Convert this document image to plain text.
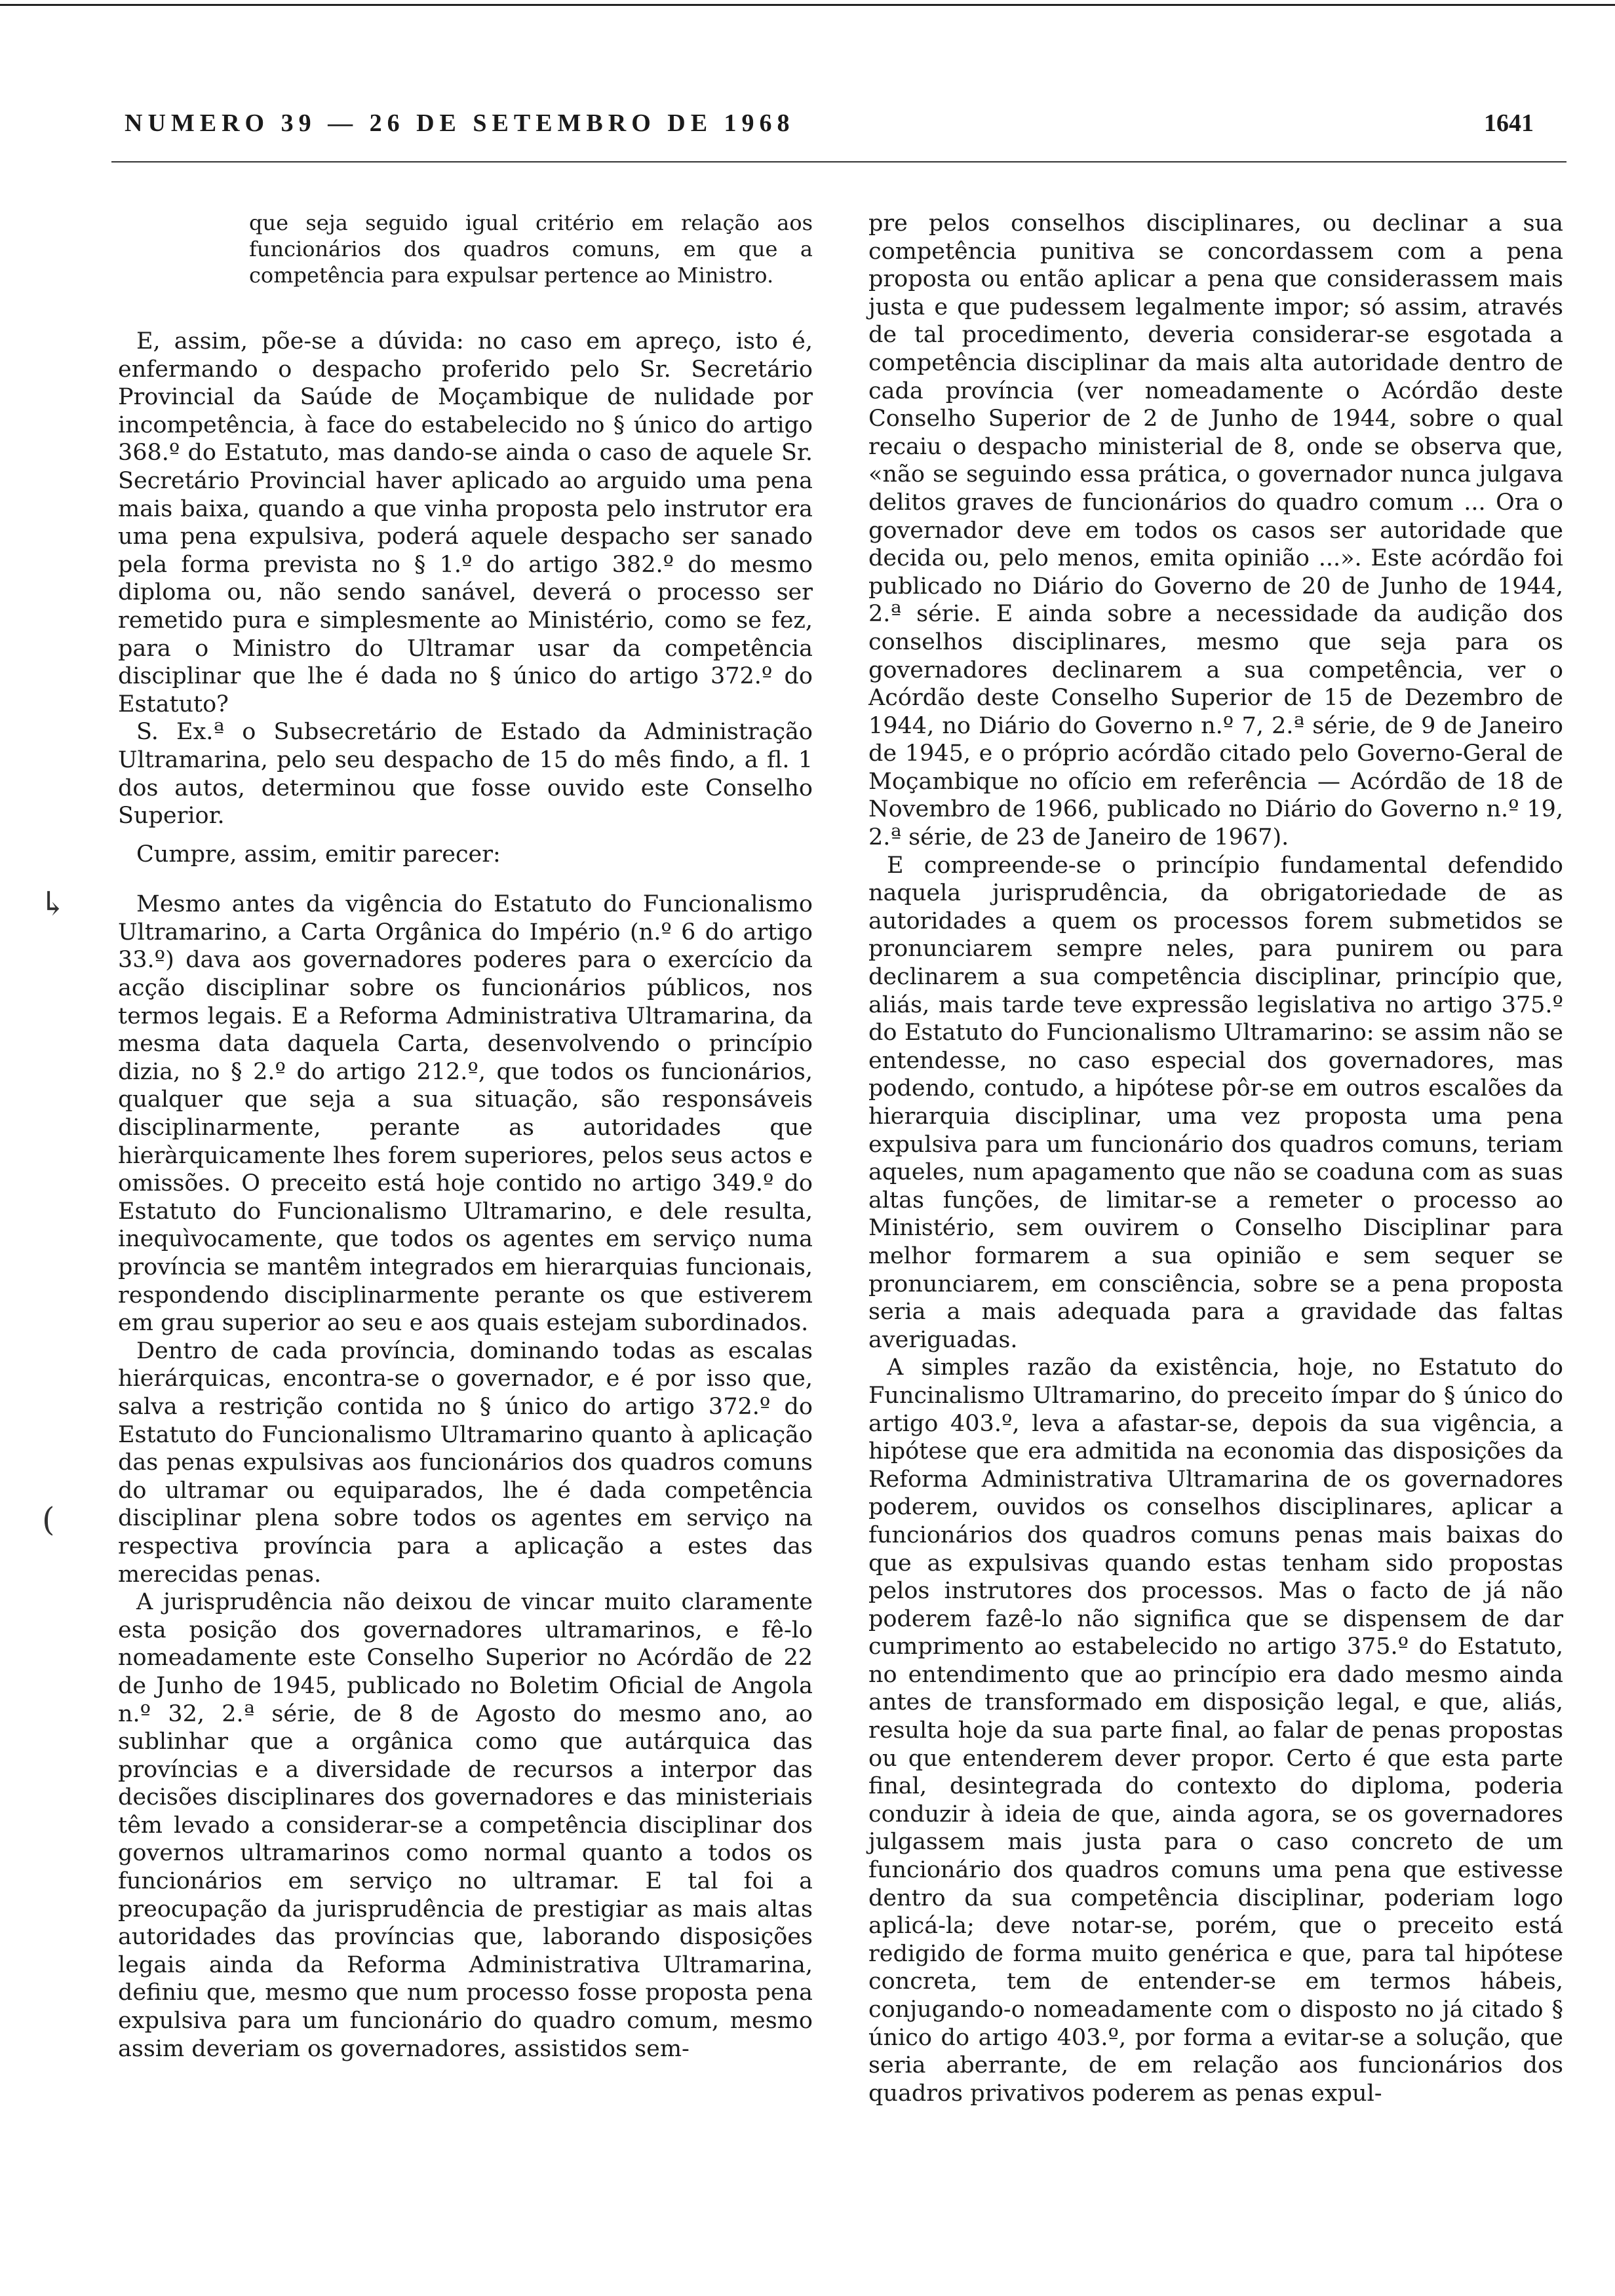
NUMERO 39 — 26 DE SETEMBRO DE 1968	1641
↳
(

que seja seguido igual critério em relação aos funcionários dos quadros comuns, em que a competência para expulsar pertence ao Ministro.

E, assim, põe-se a dúvida: no caso em apreço, isto é, enfermando o despacho proferido pelo Sr. Secretário Provincial da Saúde de Moçambique de nulidade por incompetência, à face do estabelecido no § único do artigo 368.º do Estatuto, mas dando-se ainda o caso de aquele Sr. Secretário Provincial haver aplicado ao arguido uma pena mais baixa, quando a que vinha proposta pelo instrutor era uma pena expulsiva, poderá aquele despacho ser sanado pela forma prevista no § 1.º do artigo 382.º do mesmo diploma ou, não sendo sanável, deverá o processo ser remetido pura e simplesmente ao Ministério, como se fez, para o Ministro do Ultramar usar da competência disciplinar que lhe é dada no § único do artigo 372.º do Estatuto?

S. Ex.ª o Subsecretário de Estado da Administração Ultramarina, pelo seu despacho de 15 do mês findo, a fl. 1 dos autos, determinou que fosse ouvido este Conselho Superior.

Cumpre, assim, emitir parecer:

Mesmo antes da vigência do Estatuto do Funcionalismo Ultramarino, a Carta Orgânica do Império (n.º 6 do artigo 33.º) dava aos governadores poderes para o exercício da acção disciplinar sobre os funcionários públicos, nos termos legais. E a Reforma Administrativa Ultramarina, da mesma data daquela Carta, desenvolvendo o princípio dizia, no § 2.º do artigo 212.º, que todos os funcionários, qualquer que seja a sua situação, são responsáveis disciplinarmente, perante as autoridades que hieràrquicamente lhes forem superiores, pelos seus actos e omissões. O preceito está hoje contido no artigo 349.º do Estatuto do Funcionalismo Ultramarino, e dele resulta, inequìvocamente, que todos os agentes em serviço numa província se mantêm integrados em hierarquias funcionais, respondendo disciplinarmente perante os que estiverem em grau superior ao seu e aos quais estejam subordinados.

Dentro de cada província, dominando todas as escalas hierárquicas, encontra-se o governador, e é por isso que, salva a restrição contida no § único do artigo 372.º do Estatuto do Funcionalismo Ultramarino quanto à aplicação das penas expulsivas aos funcionários dos quadros comuns do ultramar ou equiparados, lhe é dada competência disciplinar plena sobre todos os agentes em serviço na respectiva província para a aplicação a estes das merecidas penas.

A jurisprudência não deixou de vincar muito claramente esta posição dos governadores ultramarinos, e fê-lo nomeadamente este Conselho Superior no Acórdão de 22 de Junho de 1945, publicado no Boletim Oficial de Angola n.º 32, 2.ª série, de 8 de Agosto do mesmo ano, ao sublinhar que a orgânica como que autárquica das províncias e a diversidade de recursos a interpor das decisões disciplinares dos governadores e das ministeriais têm levado a considerar-se a competência disciplinar dos governos ultramarinos como normal quanto a todos os funcionários em serviço no ultramar. E tal foi a preocupação da jurisprudência de prestigiar as mais altas autoridades das províncias que, laborando disposições legais ainda da Reforma Administrativa Ultramarina, definiu que, mesmo que num processo fosse proposta pena expulsiva para um funcionário do quadro comum, mesmo assim deveriam os governadores, assistidos sem-

pre pelos conselhos disciplinares, ou declinar a sua competência punitiva se concordassem com a pena proposta ou então aplicar a pena que considerassem mais justa e que pudessem legalmente impor; só assim, através de tal procedimento, deveria considerar-se esgotada a competência disciplinar da mais alta autoridade dentro de cada província (ver nomeadamente o Acórdão deste Conselho Superior de 2 de Junho de 1944, sobre o qual recaiu o despacho ministerial de 8, onde se observa que, «não se seguindo essa prática, o governador nunca julgava delitos graves de funcionários do quadro comum ... Ora o governador deve em todos os casos ser autoridade que decida ou, pelo menos, emita opinião ...». Este acórdão foi publicado no Diário do Governo de 20 de Junho de 1944, 2.ª série. E ainda sobre a necessidade da audição dos conselhos disciplinares, mesmo que seja para os governadores declinarem a sua competência, ver o Acórdão deste Conselho Superior de 15 de Dezembro de 1944, no Diário do Governo n.º 7, 2.ª série, de 9 de Janeiro de 1945, e o próprio acórdão citado pelo Governo-Geral de Moçambique no ofício em referência — Acórdão de 18 de Novembro de 1966, publicado no Diário do Governo n.º 19, 2.ª série, de 23 de Janeiro de 1967).

E compreende-se o princípio fundamental defendido naquela jurisprudência, da obrigatoriedade de as autoridades a quem os processos forem submetidos se pronunciarem sempre neles, para punirem ou para declinarem a sua competência disciplinar, princípio que, aliás, mais tarde teve expressão legislativa no artigo 375.º do Estatuto do Funcionalismo Ultramarino: se assim não se entendesse, no caso especial dos governadores, mas podendo, contudo, a hipótese pôr-se em outros escalões da hierarquia disciplinar, uma vez proposta uma pena expulsiva para um funcionário dos quadros comuns, teriam aqueles, num apagamento que não se coaduna com as suas altas funções, de limitar-se a remeter o processo ao Ministério, sem ouvirem o Conselho Disciplinar para melhor formarem a sua opinião e sem sequer se pronunciarem, em consciência, sobre se a pena proposta seria a mais adequada para a gravidade das faltas averiguadas.

A simples razão da existência, hoje, no Estatuto do Funcinalismo Ultramarino, do preceito ímpar do § único do artigo 403.º, leva a afastar-se, depois da sua vigência, a hipótese que era admitida na economia das disposições da Reforma Administrativa Ultramarina de os governadores poderem, ouvidos os conselhos disciplinares, aplicar a funcionários dos quadros comuns penas mais baixas do que as expulsivas quando estas tenham sido propostas pelos instrutores dos processos. Mas o facto de já não poderem fazê-lo não significa que se dispensem de dar cumprimento ao estabelecido no artigo 375.º do Estatuto, no entendimento que ao princípio era dado mesmo ainda antes de transformado em disposição legal, e que, aliás, resulta hoje da sua parte final, ao falar de penas propostas ou que entenderem dever propor. Certo é que esta parte final, desintegrada do contexto do diploma, poderia conduzir à ideia de que, ainda agora, se os governadores julgassem mais justa para o caso concreto de um funcionário dos quadros comuns uma pena que estivesse dentro da sua competência disciplinar, poderiam logo aplicá-la; deve notar-se, porém, que o preceito está redigido de forma muito genérica e que, para tal hipótese concreta, tem de entender-se em termos hábeis, conjugando-o nomeadamente com o disposto no já citado § único do artigo 403.º, por forma a evitar-se a solução, que seria aberrante, de em relação aos funcionários dos quadros privativos poderem as penas expul-
